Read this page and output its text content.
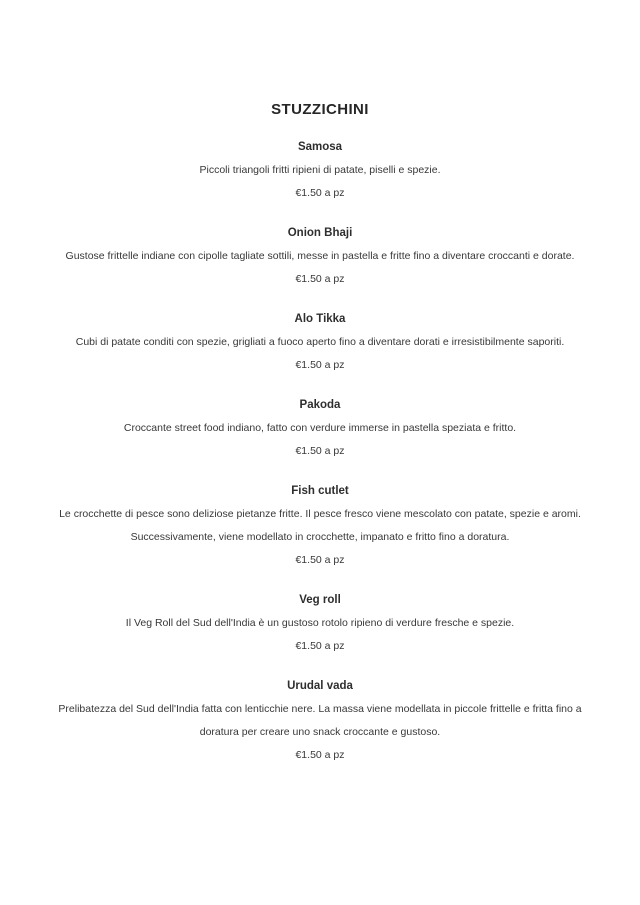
STUZZICHINI
Samosa
Piccoli triangoli fritti ripieni di patate, piselli e spezie.
€1.50 a pz
Onion Bhaji
Gustose frittelle indiane con cipolle tagliate sottili, messe in pastella e fritte fino a diventare croccanti e dorate.
€1.50 a pz
Alo Tikka
Cubi di patate conditi con spezie, grigliati a fuoco aperto fino a diventare dorati e irresistibilmente saporiti.
€1.50 a pz
Pakoda
Croccante street food indiano, fatto con verdure immerse in pastella speziata e fritto.
€1.50 a pz
Fish cutlet
Le crocchette di pesce sono deliziose pietanze fritte. Il pesce fresco viene mescolato con patate, spezie e aromi.
Successivamente, viene modellato in crocchette, impanato e fritto fino a doratura.
€1.50 a pz
Veg roll
Il Veg Roll del Sud dell'India è un gustoso rotolo ripieno di verdure fresche e spezie.
€1.50 a pz
Urudal vada
Prelibatezza del Sud dell'India fatta con lenticchie nere. La massa viene modellata in piccole frittelle e fritta fino a
doratura per creare uno snack croccante e gustoso.
€1.50 a pz
